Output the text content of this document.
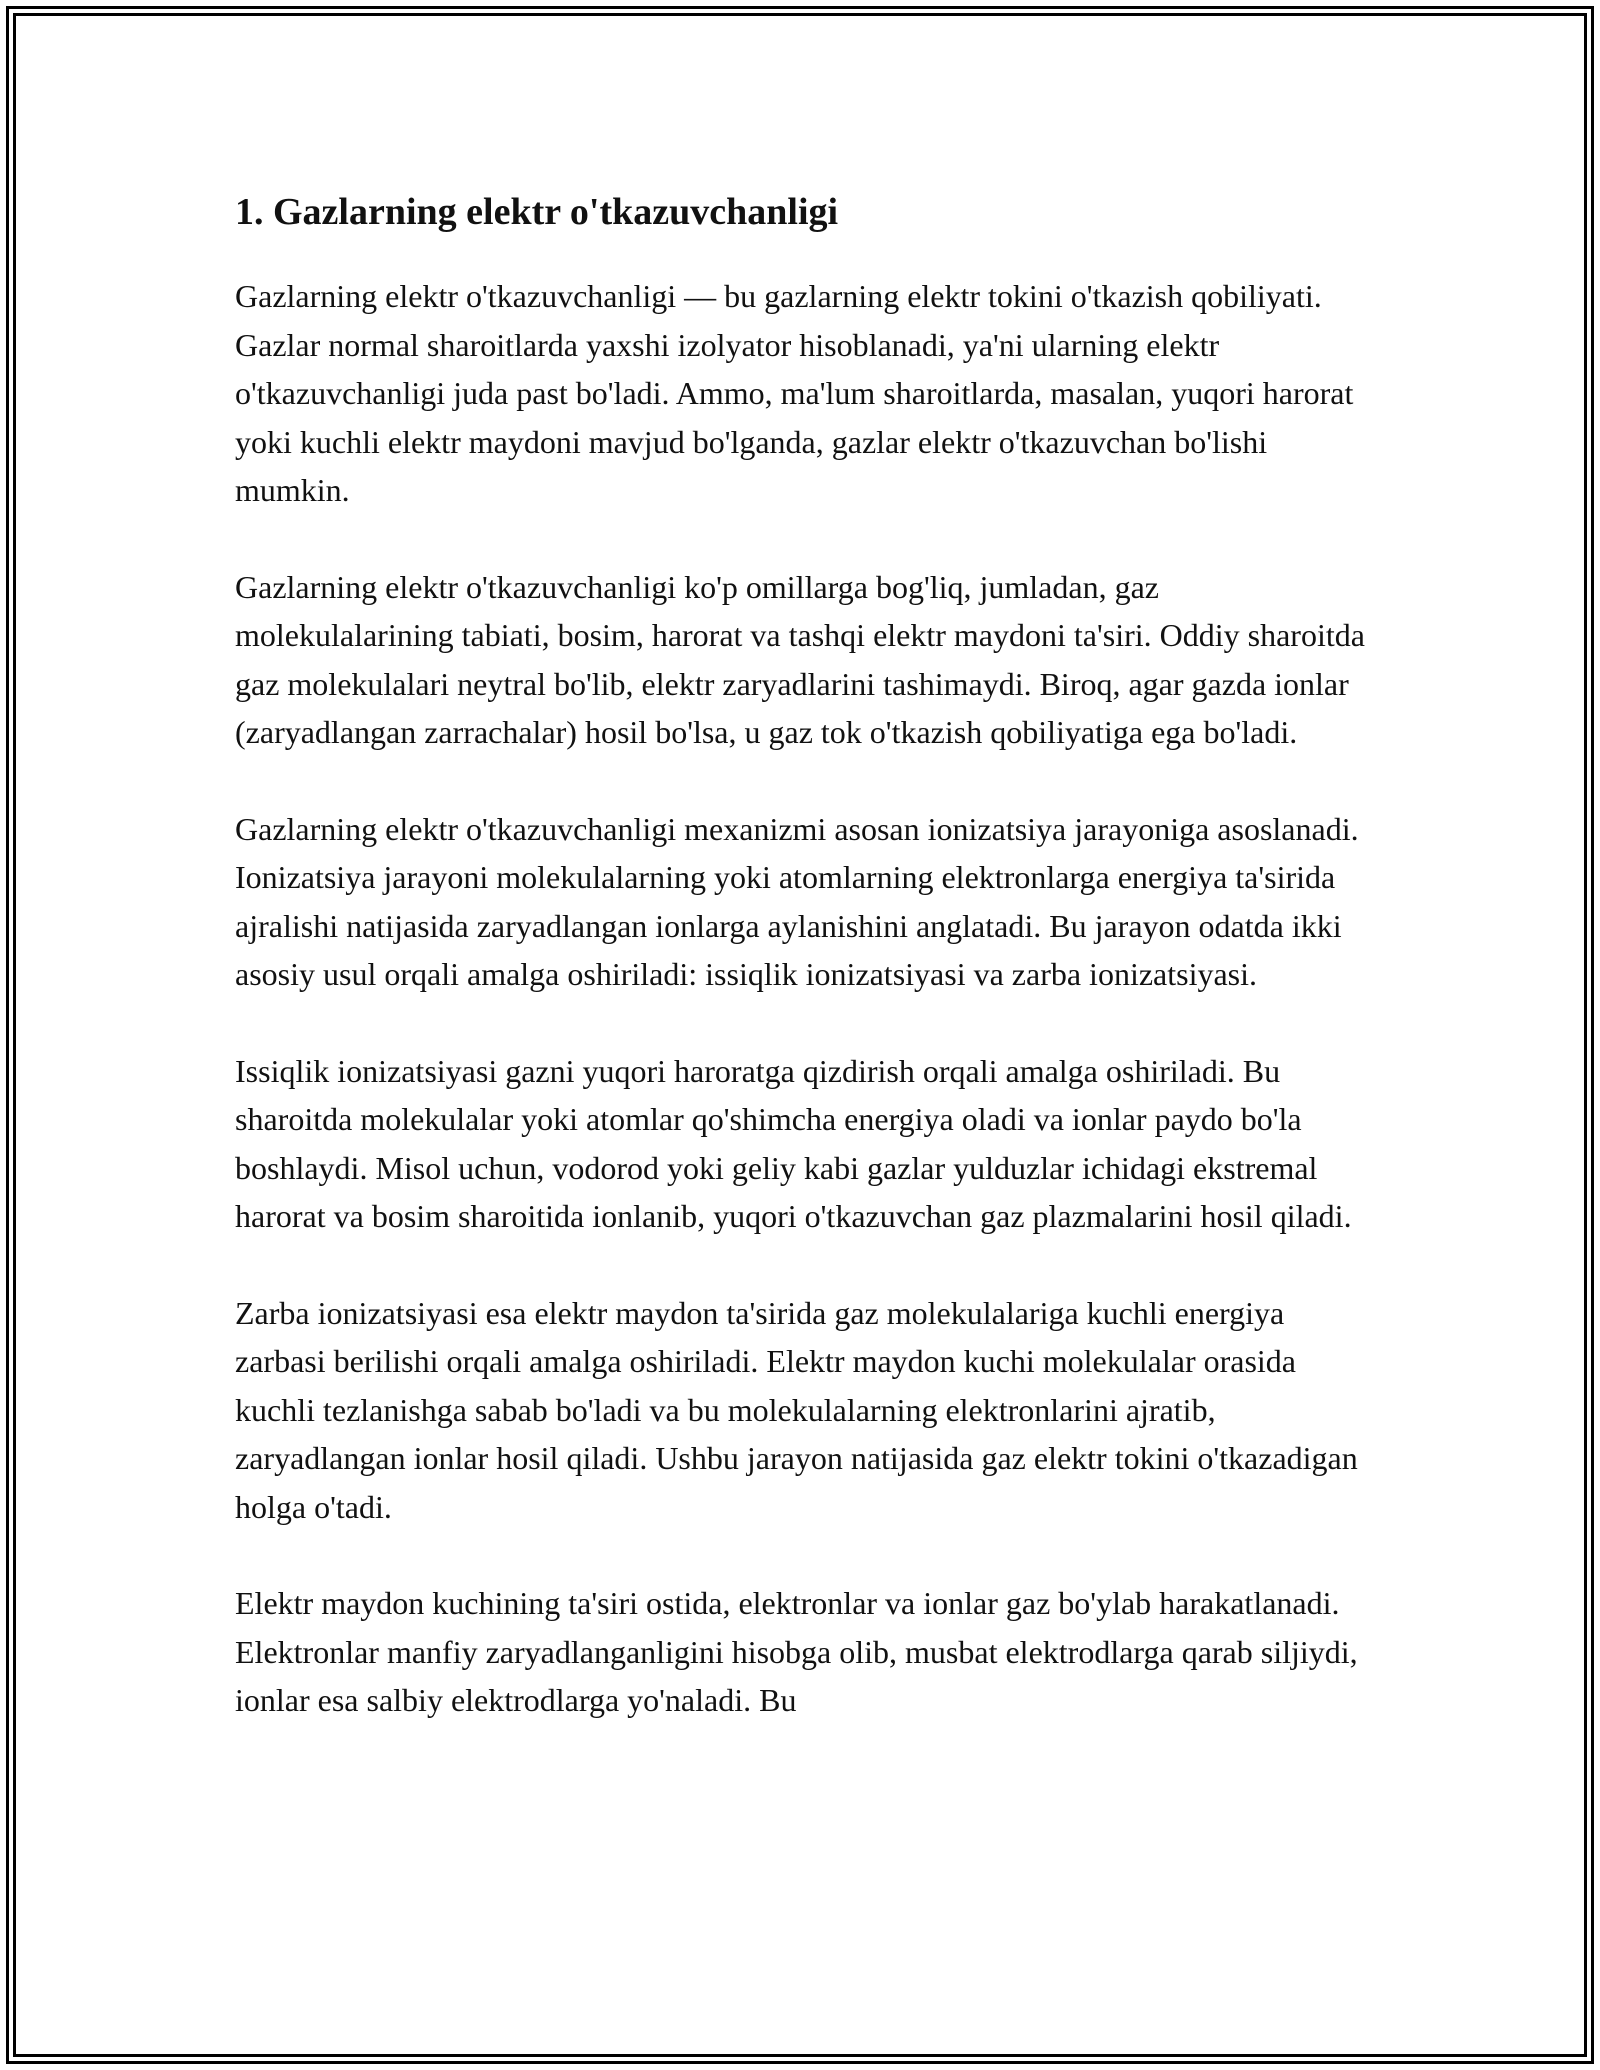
1. Gazlarning elektr o'tkazuvchanligi

Gazlarning elektr o'tkazuvchanligi — bu gazlarning elektr tokini o'tkazish qobiliyati. Gazlar normal sharoitlarda yaxshi izolyator hisoblanadi, ya'ni ularning elektr o'tkazuvchanligi juda past bo'ladi. Ammo, ma'lum sharoitlarda, masalan, yuqori harorat yoki kuchli elektr maydoni mavjud bo'lganda, gazlar elektr o'tkazuvchan bo'lishi mumkin.

Gazlarning elektr o'tkazuvchanligi ko'p omillarga bog'liq, jumladan, gaz molekulalarining tabiati, bosim, harorat va tashqi elektr maydoni ta'siri. Oddiy sharoitda gaz molekulalari neytral bo'lib, elektr zaryadlarini tashimaydi. Biroq, agar gazda ionlar (zaryadlangan zarrachalar) hosil bo'lsa, u gaz tok o'tkazish qobiliyatiga ega bo'ladi.

Gazlarning elektr o'tkazuvchanligi mexanizmi asosan ionizatsiya jarayoniga asoslanadi. Ionizatsiya jarayoni molekulalarning yoki atomlarning elektronlarga energiya ta'sirida ajralishi natijasida zaryadlangan ionlarga aylanishini anglatadi. Bu jarayon odatda ikki asosiy usul orqali amalga oshiriladi: issiqlik ionizatsiyasi va zarba ionizatsiyasi.

Issiqlik ionizatsiyasi gazni yuqori haroratga qizdirish orqali amalga oshiriladi. Bu sharoitda molekulalar yoki atomlar qo'shimcha energiya oladi va ionlar paydo bo'la boshlaydi. Misol uchun, vodorod yoki geliy kabi gazlar yulduzlar ichidagi ekstremal harorat va bosim sharoitida ionlanib, yuqori o'tkazuvchan gaz plazmalarini hosil qiladi.

Zarba ionizatsiyasi esa elektr maydon ta'sirida gaz molekulalariga kuchli energiya zarbasi berilishi orqali amalga oshiriladi. Elektr maydon kuchi molekulalar orasida kuchli tezlanishga sabab bo'ladi va bu molekulalarning elektronlarini ajratib, zaryadlangan ionlar hosil qiladi. Ushbu jarayon natijasida gaz elektr tokini o'tkazadigan holga o'tadi.

Elektr maydon kuchining ta'siri ostida, elektronlar va ionlar gaz bo'ylab harakatlanadi. Elektronlar manfiy zaryadlanganligini hisobga olib, musbat elektrodlarga qarab siljiydi, ionlar esa salbiy elektrodlarga yo'naladi. Bu
